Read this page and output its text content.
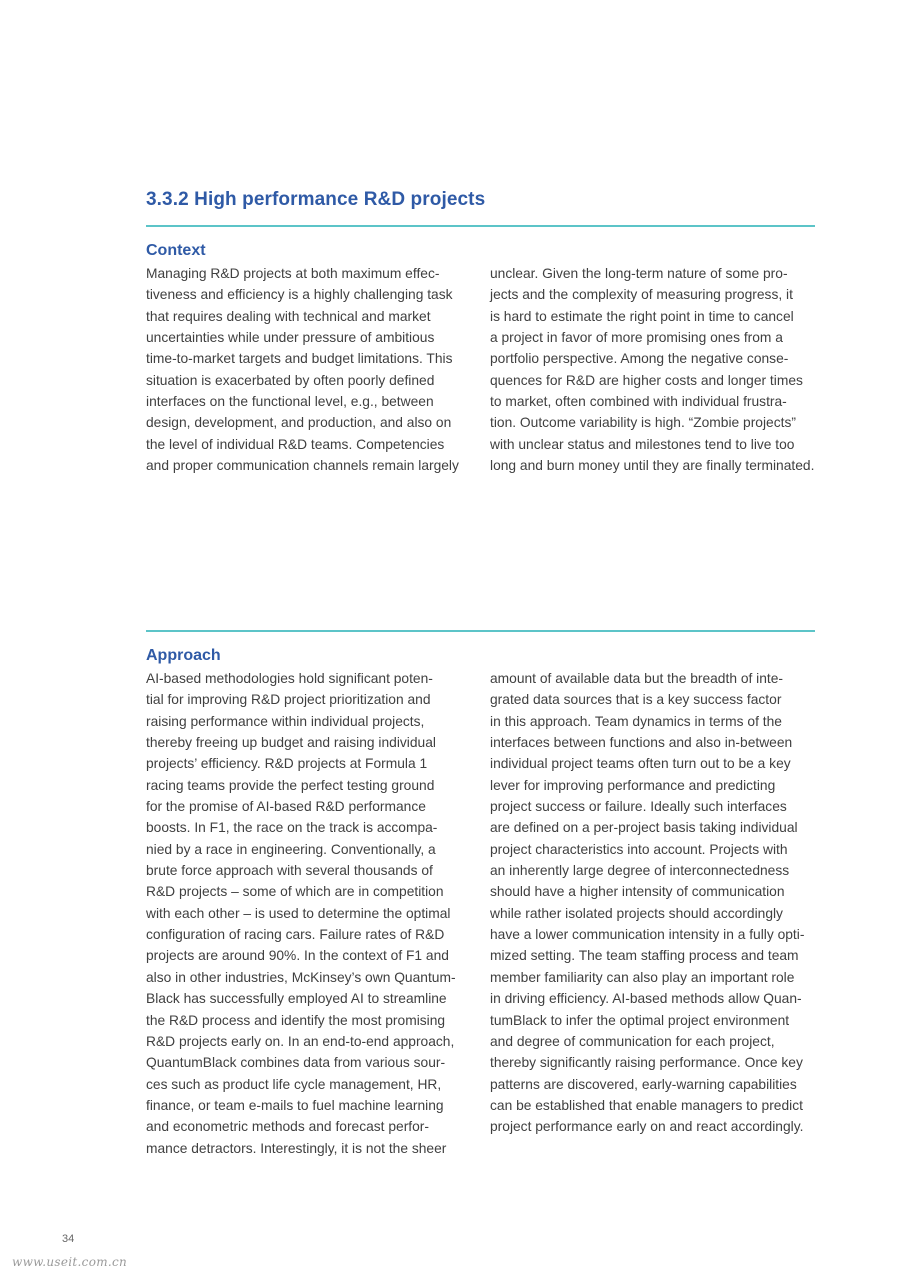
3.3.2 High performance R&D projects
Context
Managing R&D projects at both maximum effec-
tiveness and efficiency is a highly challenging task
that requires dealing with technical and market
uncertainties while under pressure of ambitious
time-to-market targets and budget limitations. This
situation is exacerbated by often poorly defined
interfaces on the functional level, e.g., between
design, development, and production, and also on
the level of individual R&D teams. Competencies
and proper communication channels remain largely
unclear. Given the long-term nature of some pro-
jects and the complexity of measuring progress, it
is hard to estimate the right point in time to cancel
a project in favor of more promising ones from a
portfolio perspective. Among the negative conse-
quences for R&D are higher costs and longer times
to market, often combined with individual frustra-
tion. Outcome variability is high. “Zombie projects”
with unclear status and milestones tend to live too
long and burn money until they are finally terminated.
Approach
AI-based methodologies hold significant poten-
tial for improving R&D project prioritization and
raising performance within individual projects,
thereby freeing up budget and raising individual
projects’ efficiency. R&D projects at Formula 1
racing teams provide the perfect testing ground
for the promise of AI-based R&D performance
boosts. In F1, the race on the track is accompa-
nied by a race in engineering. Conventionally, a
brute force approach with several thousands of
R&D projects – some of which are in competition
with each other – is used to determine the optimal
configuration of racing cars. Failure rates of R&D
projects are around 90%. In the context of F1 and
also in other industries, McKinsey’s own Quantum-
Black has successfully employed AI to streamline
the R&D process and identify the most promising
R&D projects early on. In an end-to-end approach,
QuantumBlack combines data from various sour-
ces such as product life cycle management, HR,
finance, or team e-mails to fuel machine learning
and econometric methods and forecast perfor-
mance detractors. Interestingly, it is not the sheer
amount of available data but the breadth of inte-
grated data sources that is a key success factor
in this approach. Team dynamics in terms of the
interfaces between functions and also in-between
individual project teams often turn out to be a key
lever for improving performance and predicting
project success or failure. Ideally such interfaces
are defined on a per-project basis taking individual
project characteristics into account. Projects with
an inherently large degree of interconnectedness
should have a higher intensity of communication
while rather isolated projects should accordingly
have a lower communication intensity in a fully opti-
mized setting. The team staffing process and team
member familiarity can also play an important role
in driving efficiency. AI-based methods allow Quan-
tumBlack to infer the optimal project environment
and degree of communication for each project,
thereby significantly raising performance. Once key
patterns are discovered, early-warning capabilities
can be established that enable managers to predict
project performance early on and react accordingly.
34
www.useit.com.cn
